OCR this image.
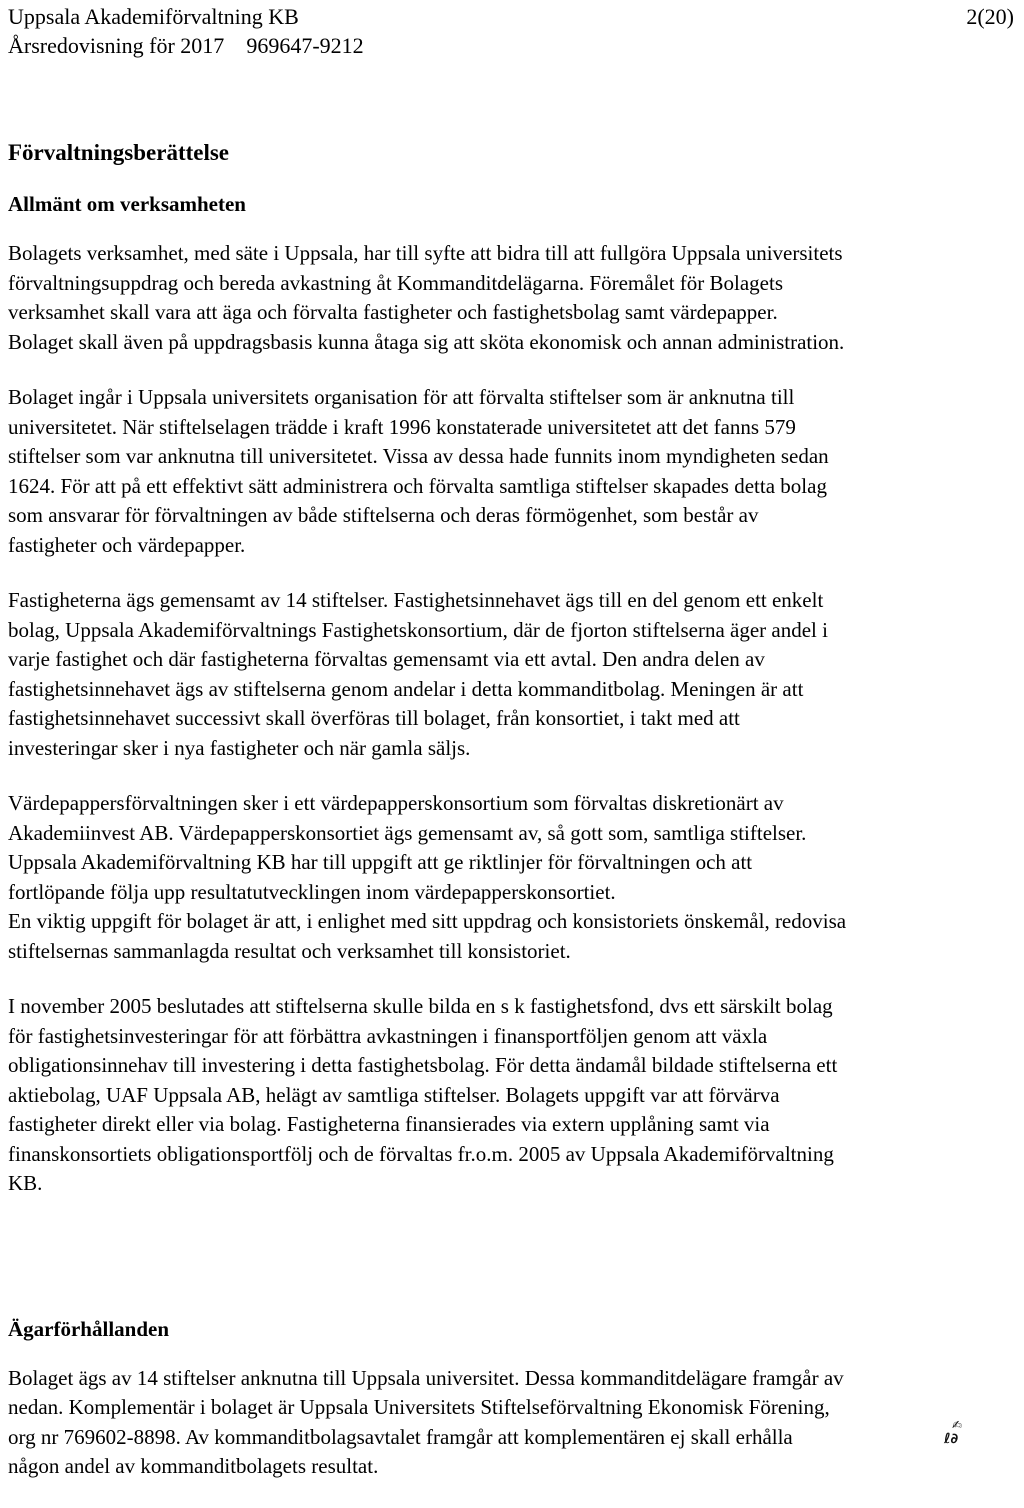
Uppsala Akademiförvaltning KB
Årsredovisning för 2017 969647-9212
2(20)
Förvaltningsberättelse
Allmänt om verksamheten
Bolagets verksamhet, med säte i Uppsala, har till syfte att bidra till att fullgöra Uppsala universitets
förvaltningsuppdrag och bereda avkastning åt Kommanditdelägarna. Föremålet för Bolagets
verksamhet skall vara att äga och förvalta fastigheter och fastighetsbolag samt värdepapper.
Bolaget skall även på uppdragsbasis kunna åtaga sig att sköta ekonomisk och annan administration.
Bolaget ingår i Uppsala universitets organisation för att förvalta stiftelser som är anknutna till
universitetet. När stiftelselagen trädde i kraft 1996 konstaterade universitetet att det fanns 579
stiftelser som var anknutna till universitetet. Vissa av dessa hade funnits inom myndigheten sedan
1624. För att på ett effektivt sätt administrera och förvalta samtliga stiftelser skapades detta bolag
som ansvarar för förvaltningen av både stiftelserna och deras förmögenhet, som består av
fastigheter och värdepapper.
Fastigheterna ägs gemensamt av 14 stiftelser. Fastighetsinnehavet ägs till en del genom ett enkelt
bolag, Uppsala Akademiförvaltnings Fastighetskonsortium, där de fjorton stiftelserna äger andel i
varje fastighet och där fastigheterna förvaltas gemensamt via ett avtal. Den andra delen av
fastighetsinnehavet ägs av stiftelserna genom andelar i detta kommanditbolag. Meningen är att
fastighetsinnehavet successivt skall överföras till bolaget, från konsortiet, i takt med att
investeringar sker i nya fastigheter och när gamla säljs.
Värdepappersförvaltningen sker i ett värdepapperskonsortium som förvaltas diskretionärt av
Akademiinvest AB. Värdepapperskonsortiet ägs gemensamt av, så gott som, samtliga stiftelser.
Uppsala Akademiförvaltning KB har till uppgift att ge riktlinjer för förvaltningen och att
fortlöpande följa upp resultatutvecklingen inom värdepapperskonsortiet.
En viktig uppgift för bolaget är att, i enlighet med sitt uppdrag och konsistoriets önskemål, redovisa
stiftelsernas sammanlagda resultat och verksamhet till konsistoriet.
I november 2005 beslutades att stiftelserna skulle bilda en s k fastighetsfond, dvs ett särskilt bolag
för fastighetsinvesteringar för att förbättra avkastningen i finansportföljen genom att växla
obligationsinnehav till investering i detta fastighetsbolag. För detta ändamål bildade stiftelserna ett
aktiebolag, UAF Uppsala AB, helägt av samtliga stiftelser. Bolagets uppgift var att förvärva
fastigheter direkt eller via bolag. Fastigheterna finansierades via extern upplåning samt via
finanskonsortiets obligationsportfölj och de förvaltas fr.o.m. 2005 av Uppsala Akademiförvaltning
KB.
Ägarförhållanden
Bolaget ägs av 14 stiftelser anknutna till Uppsala universitet. Dessa kommanditdelägare framgår av
nedan. Komplementär i bolaget är Uppsala Universitets Stiftelseförvaltning Ekonomisk Förening,
org nr 769602-8898. Av kommanditbolagsavtalet framgår att komplementären ej skall erhålla
någon andel av kommanditbolagets resultat.
✍
ℓ∂
